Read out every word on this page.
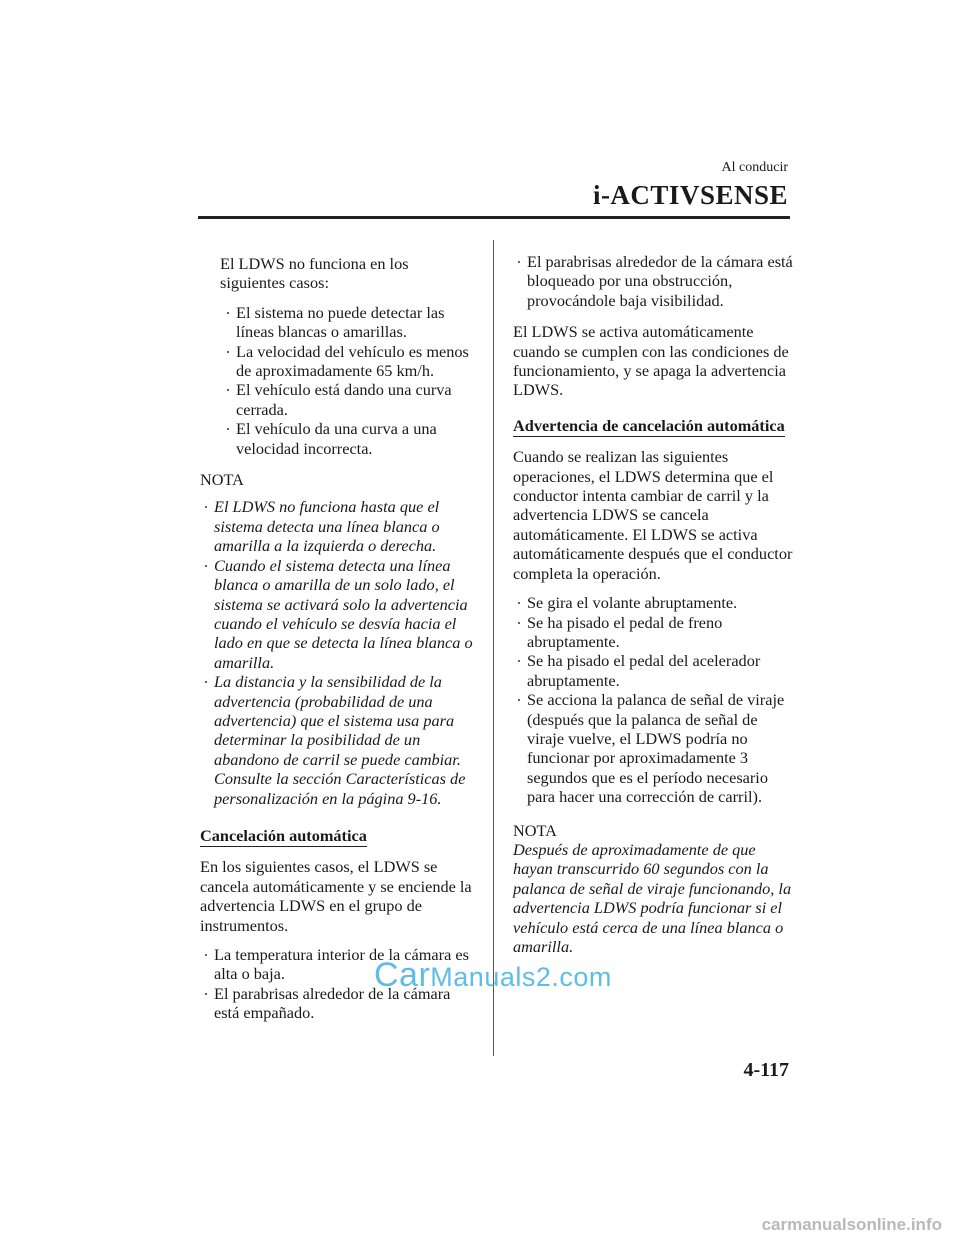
Al conducir
i-ACTIVSENSE

El LDWS no funciona en los siguientes casos:

El sistema no puede detectar las líneas blancas o amarillas.
La velocidad del vehículo es menos de aproximadamente 65 km/h.
El vehículo está dando una curva cerrada.
El vehículo da una curva a una velocidad incorrecta.

NOTA

El LDWS no funciona hasta que el sistema detecta una línea blanca o amarilla a la izquierda o derecha.
Cuando el sistema detecta una línea blanca o amarilla de un solo lado, el sistema se activará solo la advertencia cuando el vehículo se desvía hacia el lado en que se detecta la línea blanca o amarilla.
La distancia y la sensibilidad de la advertencia (probabilidad de una advertencia) que el sistema usa para determinar la posibilidad de un abandono de carril se puede cambiar. Consulte la sección Características de personalización en la página 9-16.
Cancelación automática

En los siguientes casos, el LDWS se cancela automáticamente y se enciende la advertencia LDWS en el grupo de instrumentos.

La temperatura interior de la cámara es alta o baja.
El parabrisas alrededor de la cámara está empañado.
El parabrisas alrededor de la cámara está bloqueado por una obstrucción, provocándole baja visibilidad.

El LDWS se activa automáticamente cuando se cumplen con las condiciones de funcionamiento, y se apaga la advertencia LDWS.

Advertencia de cancelación automática

Cuando se realizan las siguientes operaciones, el LDWS determina que el conductor intenta cambiar de carril y la advertencia LDWS se cancela automáticamente. El LDWS se activa automáticamente después que el conductor completa la operación.

Se gira el volante abruptamente.
Se ha pisado el pedal de freno abruptamente.
Se ha pisado el pedal del acelerador abruptamente.
Se acciona la palanca de señal de viraje (después que la palanca de señal de viraje vuelve, el LDWS podría no funcionar por aproximadamente 3 segundos que es el período necesario para hacer una corrección de carril).

NOTA

Después de aproximadamente de que hayan transcurrido 60 segundos con la palanca de señal de viraje funcionando, la advertencia LDWS podría funcionar si el vehículo está cerca de una línea blanca o amarilla.

4-117
CarManuals2.com
carmanualsonline.info
